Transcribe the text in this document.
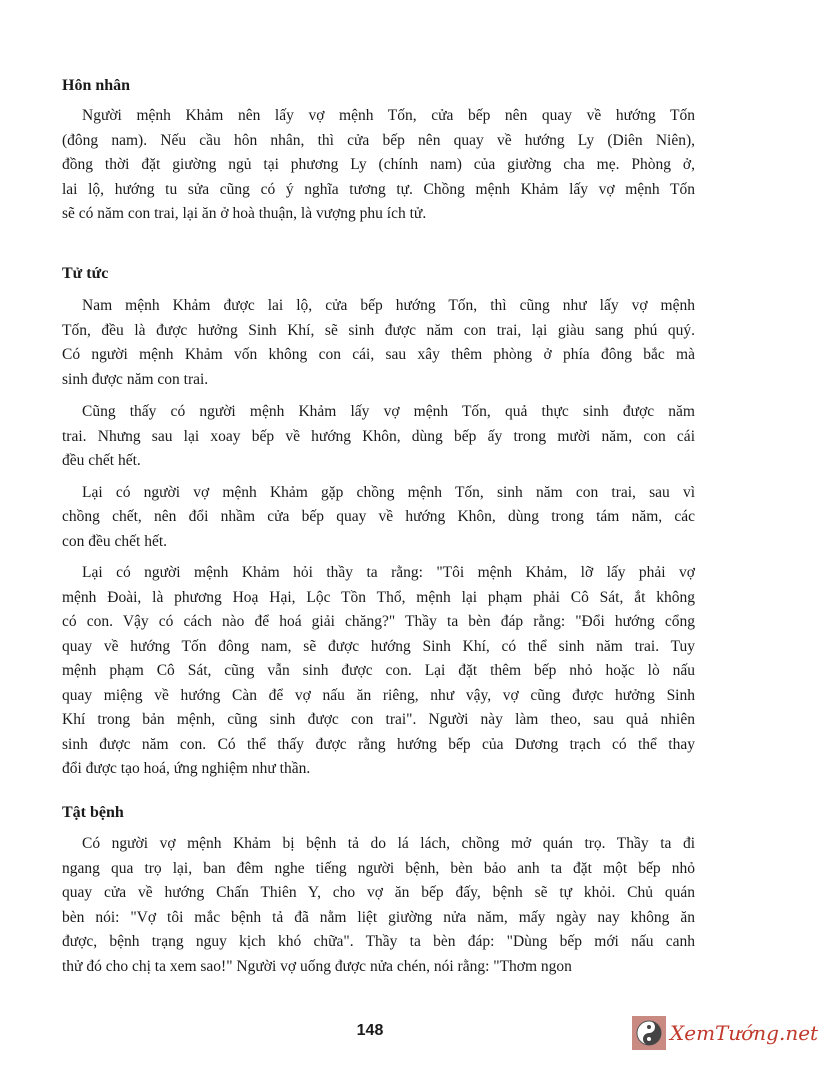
Hôn nhân
Người mệnh Khảm nên lấy vợ mệnh Tốn, cửa bếp nên quay về hướng Tốn
(đông nam). Nếu cầu hôn nhân, thì cửa bếp nên quay về hướng Ly (Diên Niên),
đồng thời đặt giường ngủ tại phương Ly (chính nam) của giường cha mẹ. Phòng ở,
lai lộ, hướng tu sửa cũng có ý nghĩa tương tự. Chồng mệnh Khảm lấy vợ mệnh Tốn
sẽ có năm con trai, lại ăn ở hoà thuận, là vượng phu ích tử.
Tử tức
Nam mệnh Khảm được lai lộ, cửa bếp hướng Tốn, thì cũng như lấy vợ mệnh
Tốn, đều là được hưởng Sinh Khí, sẽ sinh được năm con trai, lại giàu sang phú quý.
Có người mệnh Khảm vốn không con cái, sau xây thêm phòng ở phía đông bắc mà
sinh được năm con trai.
Cũng thấy có người mệnh Khảm lấy vợ mệnh Tốn, quả thực sinh được năm
trai. Nhưng sau lại xoay bếp về hướng Khôn, dùng bếp ấy trong mười năm, con cái
đều chết hết.
Lại có người vợ mệnh Khảm gặp chồng mệnh Tốn, sinh năm con trai, sau vì
chồng chết, nên đổi nhầm cửa bếp quay về hướng Khôn, dùng trong tám năm, các
con đều chết hết.
Lại có người mệnh Khảm hỏi thầy ta rằng: "Tôi mệnh Khảm, lỡ lấy phải vợ
mệnh Đoài, là phương Hoạ Hại, Lộc Tồn Thổ, mệnh lại phạm phải Cô Sát, ắt không
có con. Vậy có cách nào để hoá giải chăng?" Thầy ta bèn đáp rằng: "Đổi hướng cổng
quay về hướng Tốn đông nam, sẽ được hướng Sinh Khí, có thể sinh năm trai. Tuy
mệnh phạm Cô Sát, cũng vẫn sinh được con. Lại đặt thêm bếp nhỏ hoặc lò nấu
quay miệng về hướng Càn để vợ nấu ăn riêng, như vậy, vợ cũng được hưởng Sinh
Khí trong bản mệnh, cũng sinh được con trai". Người này làm theo, sau quả nhiên
sinh được năm con. Có thể thấy được rằng hướng bếp của Dương trạch có thể thay
đổi được tạo hoá, ứng nghiệm như thần.
Tật bệnh
Có người vợ mệnh Khảm bị bệnh tả do lá lách, chồng mở quán trọ. Thầy ta đi
ngang qua trọ lại, ban đêm nghe tiếng người bệnh, bèn bảo anh ta đặt một bếp nhỏ
quay cửa về hướng Chấn Thiên Y, cho vợ ăn bếp đấy, bệnh sẽ tự khỏi. Chủ quán
bèn nói: "Vợ tôi mắc bệnh tả đã nằm liệt giường nửa năm, mấy ngày nay không ăn
được, bệnh trạng nguy kịch khó chữa". Thầy ta bèn đáp: "Dùng bếp mới nấu canh
thử đó cho chị ta xem sao!" Người vợ uống được nửa chén, nói rằng: "Thơm ngon
148	XemTướng.net
